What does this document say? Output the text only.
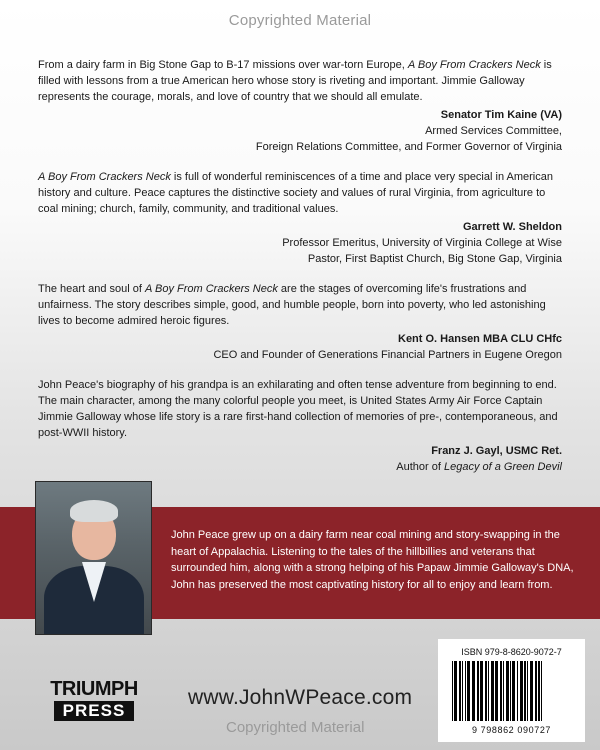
Copyrighted Material

From a dairy farm in Big Stone Gap to B-17 missions over war-torn Europe, A Boy From Crackers Neck is filled with lessons from a true American hero whose story is riveting and important. Jimmie Galloway represents the courage, morals, and love of country that we should all emulate.

Senator Tim Kaine (VA)
Armed Services Committee,
Foreign Relations Committee, and Former Governor of Virginia

A Boy From Crackers Neck is full of wonderful reminiscences of a time and place very special in American history and culture. Peace captures the distinctive society and values of rural Virginia, from agriculture to coal mining; church, family, community, and traditional values.

Garrett W. Sheldon
Professor Emeritus, University of Virginia College at Wise
Pastor, First Baptist Church, Big Stone Gap, Virginia

The heart and soul of A Boy From Crackers Neck are the stages of overcoming life's frustrations and unfairness. The story describes simple, good, and humble people, born into poverty, who led astonishing lives to become admired heroic figures.

Kent O. Hansen MBA CLU CHfc
CEO and Founder of Generations Financial Partners in Eugene Oregon

John Peace's biography of his grandpa is an exhilarating and often tense adventure from beginning to end. The main character, among the many colorful people you meet, is United States Army Air Force Captain Jimmie Galloway whose life story is a rare first-hand collection of memories of pre-, contemporaneous, and post-WWII history.

Franz J. Gayl, USMC Ret.
Author of Legacy of a Green Devil
John Peace grew up on a dairy farm near coal mining and story-swapping in the heart of Appalachia. Listening to the tales of the hillbillies and veterans that surrounded him, along with a strong helping of his Papaw Jimmie Galloway's DNA, John has preserved the most captivating history for all to enjoy and learn from.
TRIUMPH
PRESS
www.JohnWPeace.com
Copyrighted Material
ISBN 979-8-8620-9072-7
9 798862 090727
